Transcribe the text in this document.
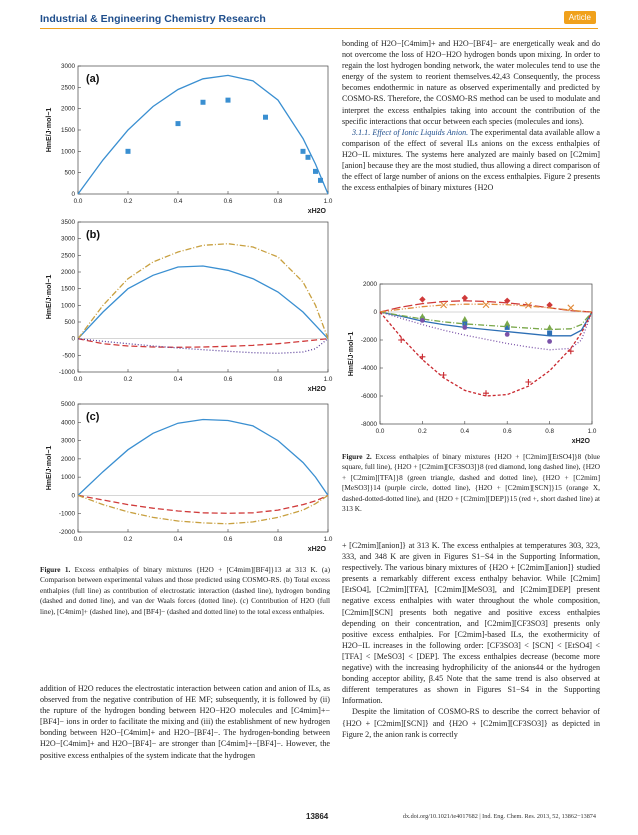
Industrial & Engineering Chemistry Research	Article
0
500
1000
1500
2000
2500
3000
0.0	0.2	0.4	0.6	0.8	1.0
HmE/J·mol−1
xH2O
(a)
-1000
-500
0
500
1000
1500
2000
2500
3000
3500
0.0	0.2	0.4	0.6	0.8	1.0
HmE/J·mol−1
xH2O
(b)
-2000
-1000
0
1000
2000
3000
4000
5000
0.0	0.2	0.4	0.6	0.8	1.0
HmE/J·mol−1
xH2O
(c)
Figure 1. Excess enthalpies of binary mixtures {H2O + [C4mim][BF4]}13 at 313 K. (a) Comparison between experimental values and those predicted using COSMO-RS. (b) Total excess enthalpies (full line) as contribution of electrostatic interaction (dashed line), hydrogen bonding (dashed and dotted line), and van der Waals forces (dotted line). (c) Contribution of H2O (full line), [C4mim]+ (dashed line), and [BF4]− (dashed and dotted line) to the total excess enthalpies.

addition of H2O reduces the electrostatic interaction between cation and anion of ILs, as observed from the negative contribution of HE MF; subsequently, it is followed by (ii) the rupture of the hydrogen bonding between H2O−H2O molecules and [C4mim]+−[BF4]− ions in order to facilitate the mixing and (iii) the establishment of new hydrogen bonding between H2O−[C4mim]+ and H2O−[BF4]−. The hydrogen-bonding between H2O−[C4mim]+ and H2O−[BF4]− are stronger than [C4mim]+−[BF4]−. However, the positive excess enthalpies of the system indicate that the hydrogen

bonding of H2O−[C4mim]+ and H2O−[BF4]− are energetically weak and do not overcome the loss of H2O−H2O hydrogen bonds upon mixing. In order to regain the lost hydrogen bonding network, the water molecules tend to use the energy of the system to reorient themselves.42,43 Consequently, the process becomes endothermic in nature as observed experimentally and predicted by COSMO-RS. Therefore, the COSMO-RS method can be used to modulate and interpret the excess enthalpies taking into account the contribution of the specific interactions that occur between each species (molecules and ions).

3.1.1. Effect of Ionic Liquids Anion. The experimental data available allow a comparison of the effect of several ILs anions on the excess enthalpies of H2O−IL mixtures. The systems here analyzed are mainly based on [C2mim][anion] because they are the most studied, thus allowing a direct comparison of the effect of large number of anions on the excess enthalpies. Figure 2 presents the excess enthalpies of binary mixtures {H2O

-8000
-6000
-4000
-2000
0
2000
0.0	0.2	0.4	0.6	0.8	1.0
HmE/J·mol−1
xH2O
Figure 2. Excess enthalpies of binary mixtures {H2O + [C2mim][EtSO4]}8 (blue square, full line), {H2O + [C2mim][CF3SO3]}8 (red diamond, long dashed line), {H2O + [C2mim][TFA]}8 (green triangle, dashed and dotted line), {H2O + [C2mim][MeSO3]}14 (purple circle, dotted line), {H2O + [C2mim][SCN]}15 (orange X, dashed-dotted-dotted line), and {H2O + [C2mim][DEP]}15 (red +, short dashed line) at 313 K.

+ [C2mim][anion]} at 313 K. The excess enthalpies at temperatures 303, 323, 333, and 348 K are given in Figures S1−S4 in the Supporting Information, respectively. The various binary mixtures of {H2O + [C2mim][anion]} studied presents a remarkably different excess enthalpy behavior. While [C2mim][EtSO4], [C2mim][TFA], [C2mim][MeSO3], and [C2mim][DEP] present negative excess enthalpies with water throughout the whole composition, [C2mim][SCN] presents both negative and positive excess enthalpies depending on their concentration, and [C2mim][CF3SO3] presents only positive excess enthalpies. For [C2mim]-based ILs, the exothermicity of H2O−IL increases in the following order: [CF3SO3] < [SCN] < [EtSO4] < [TFA] < [MeSO3] < [DEP]. The excess enthalpies decrease (become more negative) with the increasing hydrophilicity of the anions44 or the hydrogen bonding acceptor ability, β.45 Note that the same trend is also observed at different temperatures as shown in Figures S1−S4 in the Supporting Information.

Despite the limitation of COSMO-RS to describe the correct behavior of {H2O + [C2mim][SCN]} and {H2O + [C2mim][CF3SO3]} as depicted in Figure 2, the anion rank is correctly

13864	dx.doi.org/10.1021/ie4017682 | Ind. Eng. Chem. Res. 2013, 52, 13862−13874
